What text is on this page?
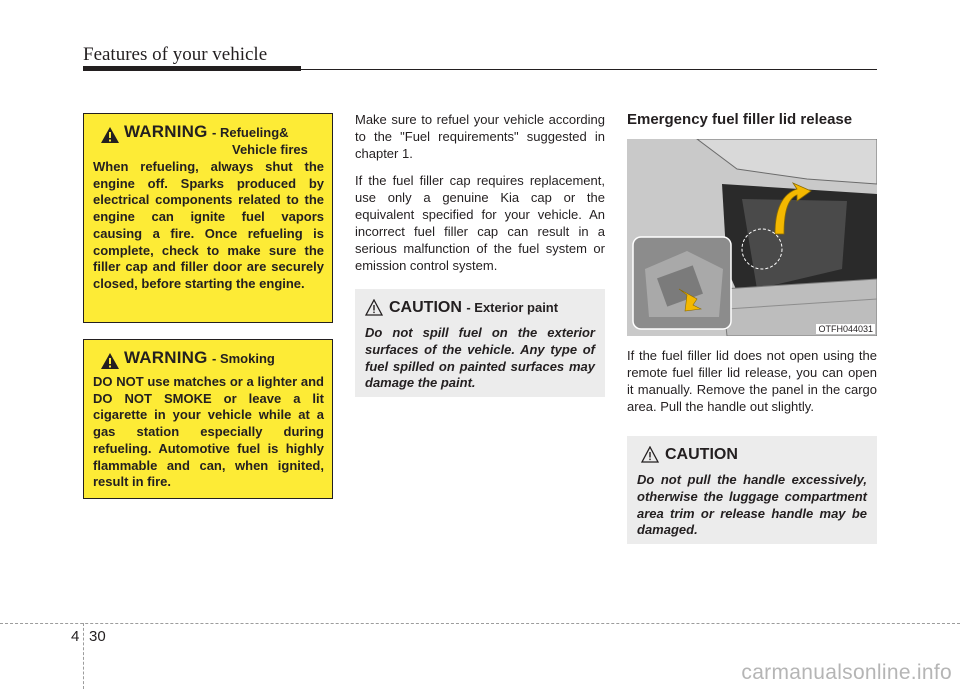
Features of your vehicle
WARNING - Refueling&
Vehicle fires
When refueling, always shut the engine off. Sparks produced by electrical components related to the engine can ignite fuel vapors causing a fire. Once refueling is complete, check to make sure the filler cap and filler door are securely closed, before starting the engine.
WARNING - Smoking
DO NOT use matches or a lighter and DO NOT SMOKE or leave a lit cigarette in your vehicle while at a gas station especially during refueling. Automotive fuel is highly flammable and can, when ignited, result in fire.

Make sure to refuel your vehicle according to the "Fuel requirements" suggested in chapter 1.

If the fuel filler cap requires replacement, use only a genuine Kia cap or the equivalent specified for your vehicle. An incorrect fuel filler cap can result in a serious malfunction of the fuel system or emission control system.

CAUTION - Exterior paint
Do not spill fuel on the exterior surfaces of the vehicle. Any type of fuel spilled on painted surfaces may damage the paint.
Emergency fuel filler lid release
OTFH044031

If the fuel filler lid does not open using the remote fuel filler lid release, you can open it manually. Remove the panel in the cargo area. Pull the handle out slightly.

CAUTION
Do not pull the handle excessively, otherwise the luggage compartment area trim or release handle may be damaged.
4 30
carmanualsonline.info
